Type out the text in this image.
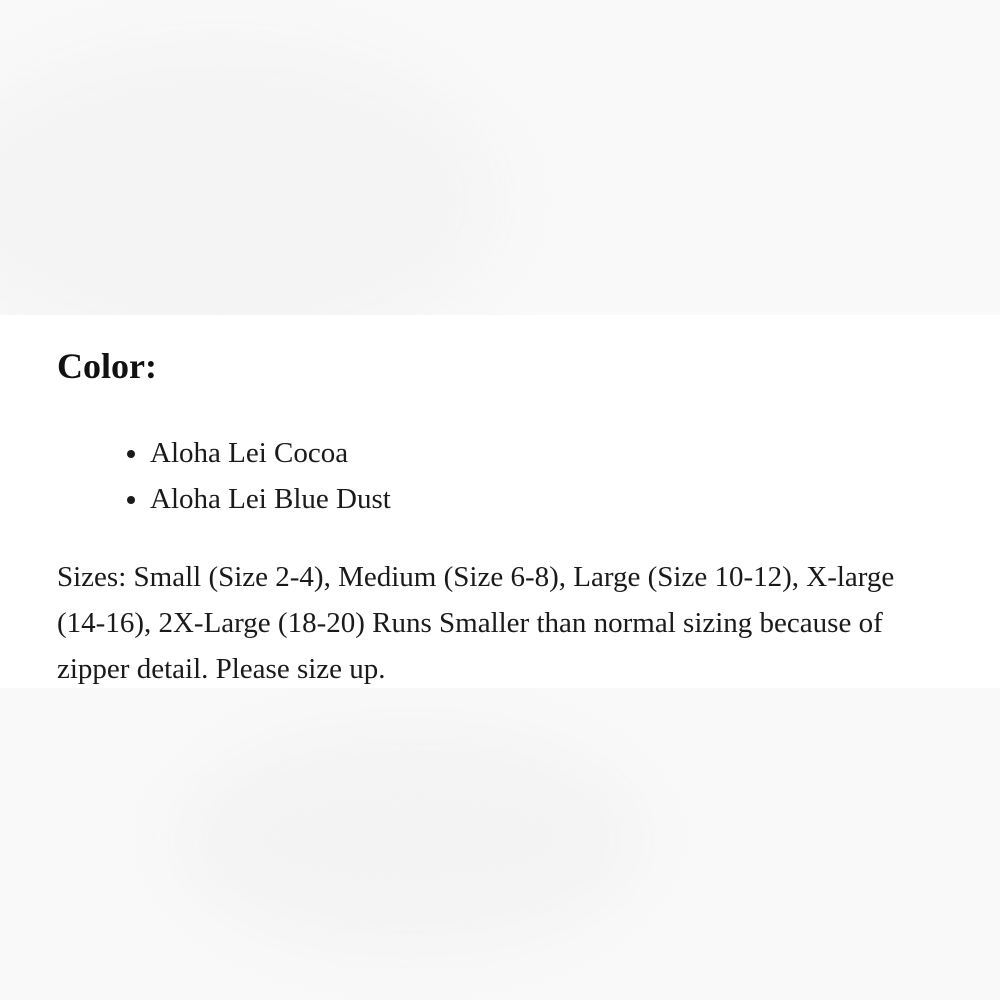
Color:
• Aloha Lei Cocoa
• Aloha Lei Blue Dust

Sizes: Small (Size 2-4), Medium (Size 6-8), Large (Size 10-12), X-large (14-16), 2X-Large (18-20) Runs Smaller than normal sizing because of zipper detail. Please size up.
